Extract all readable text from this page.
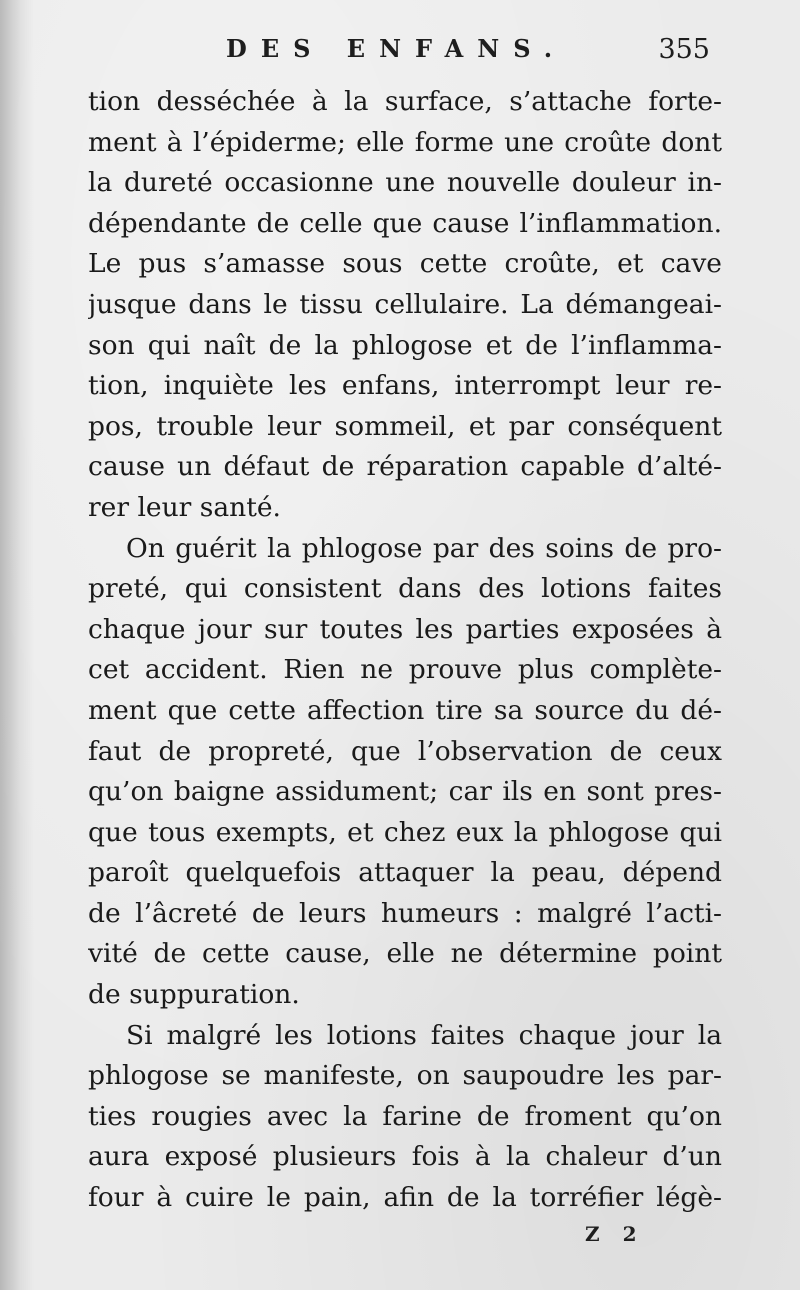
DES ENFANS.	355
tion desséchée à la surface, s’attache forte-
ment à l’épiderme; elle forme une croûte dont
la dureté occasionne une nouvelle douleur in-
dépendante de celle que cause l’inflammation.
Le pus s’amasse sous cette croûte, et cave
jusque dans le tissu cellulaire. La démangeai-
son qui naît de la phlogose et de l’inflamma-
tion, inquiète les enfans, interrompt leur re-
pos, trouble leur sommeil, et par conséquent
cause un défaut de réparation capable d’alté-
rer leur santé.
On guérit la phlogose par des soins de pro-
preté, qui consistent dans des lotions faites
chaque jour sur toutes les parties exposées à
cet accident. Rien ne prouve plus complète-
ment que cette affection tire sa source du dé-
faut de propreté, que l’observation de ceux
qu’on baigne assidument; car ils en sont pres-
que tous exempts, et chez eux la phlogose qui
paroît quelquefois attaquer la peau, dépend
de l’âcreté de leurs humeurs : malgré l’acti-
vité de cette cause, elle ne détermine point
de suppuration.
Si malgré les lotions faites chaque jour la
phlogose se manifeste, on saupoudre les par-
ties rougies avec la farine de froment qu’on
aura exposé plusieurs fois à la chaleur d’un
four à cuire le pain, afin de la torréfier légè-
Z 2
